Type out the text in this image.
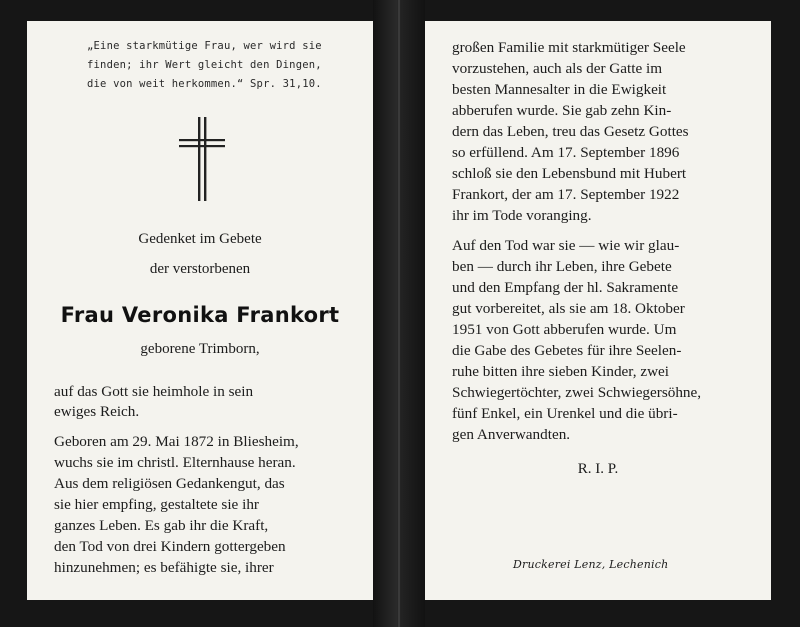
„Eine starkmütige Frau, wer wird sie
finden; ihr Wert gleicht den Dingen,
die von weit herkommen.“ Spr. 31,10.
Gedenket im Gebete
der verstorbenen
Frau Veronika Frankort
geborene Trimborn,
auf das Gott sie heimhole in sein
ewiges Reich.
Geboren am 29. Mai 1872 in Bliesheim,
wuchs sie im christl. Elternhause heran.
Aus dem religiösen Gedankengut, das
sie hier empfing, gestaltete sie ihr
ganzes Leben. Es gab ihr die Kraft,
den Tod von drei Kindern gottergeben
hinzunehmen; es befähigte sie, ihrer
großen Familie mit starkmütiger Seele
vorzustehen, auch als der Gatte im
besten Mannesalter in die Ewigkeit
abberufen wurde. Sie gab zehn Kin-
dern das Leben, treu das Gesetz Gottes
so erfüllend. Am 17. September 1896
schloß sie den Lebensbund mit Hubert
Frankort, der am 17. September 1922
ihr im Tode voranging.
Auf den Tod war sie — wie wir glau-
ben — durch ihr Leben, ihre Gebete
und den Empfang der hl. Sakramente
gut vorbereitet, als sie am 18. Oktober
1951 von Gott abberufen wurde. Um
die Gabe des Gebetes für ihre Seelen-
ruhe bitten ihre sieben Kinder, zwei
Schwiegertöchter, zwei Schwiegersöhne,
fünf Enkel, ein Urenkel und die übri-
gen Anverwandten.
R. I. P.
Druckerei Lenz, Lechenich
